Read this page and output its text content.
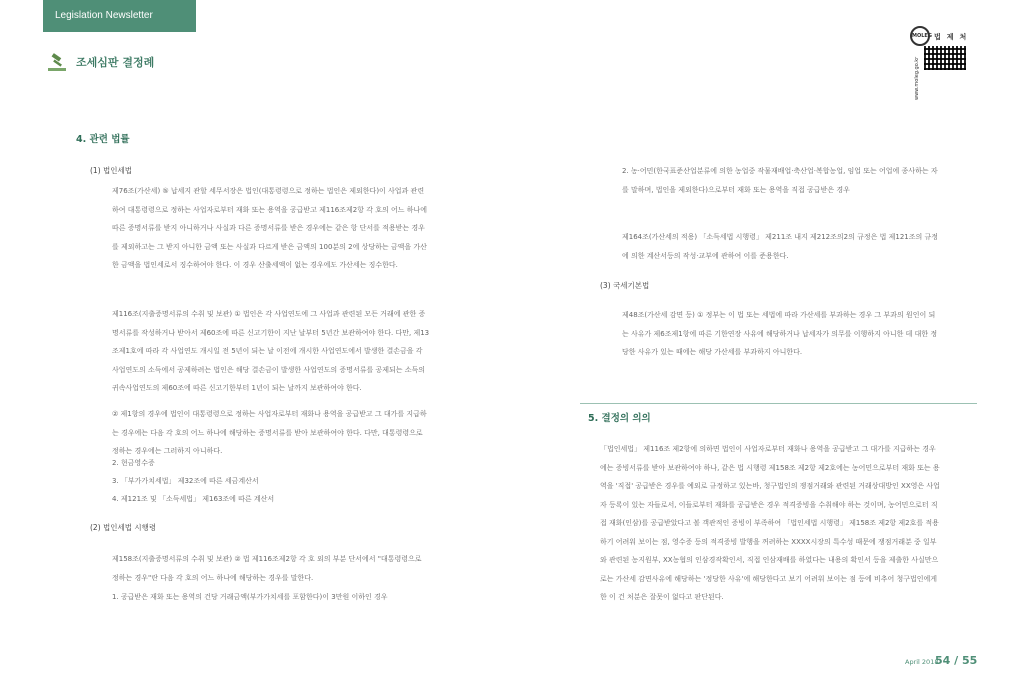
Legislation Newsletter
조세심판 결정례
MOLEG 법제처
www.moleg.go.kr
4. 관련 법률
(1) 법인세법
제76조(가산세) ⑤ 납세지 관할 세무서장은 법인(대통령령으로 정하는 법인은 제외한다)이 사업과 관련하여 대통령령으로 정하는 사업자로부터 재화 또는 용역을 공급받고 제116조제2항 각 호의 어느 하나에 따른 증명서류를 받지 아니하거나 사실과 다른 증명서류를 받은 경우에는 같은 항 단서를 적용받는 경우를 제외하고는 그 받지 아니한 금액 또는 사실과 다르게 받은 금액의 100분의 2에 상당하는 금액을 가산한 금액을 법인세로서 징수하여야 한다. 이 경우 산출세액이 없는 경우에도 가산세는 징수한다.
제116조(지출증명서류의 수취 및 보관) ① 법인은 각 사업연도에 그 사업과 관련된 모든 거래에 관한 증명서류를 작성하거나 받아서 제60조에 따른 신고기한이 지난 날부터 5년간 보관하여야 한다. 다만, 제13조제1호에 따라 각 사업연도 개시일 전 5년이 되는 날 이전에 개시한 사업연도에서 발생한 결손금을 각 사업연도의 소득에서 공제하려는 법인은 해당 결손금이 발생한 사업연도의 증명서류를 공제되는 소득의 귀속사업연도의 제60조에 따른 신고기한부터 1년이 되는 날까지 보관하여야 한다.
② 제1항의 경우에 법인이 대통령령으로 정하는 사업자로부터 재화나 용역을 공급받고 그 대가를 지급하는 경우에는 다음 각 호의 어느 하나에 해당하는 증명서류를 받아 보관하여야 한다. 다만, 대통령령으로 정하는 경우에는 그러하지 아니하다.
2. 현금영수증
3. 「부가가치세법」 제32조에 따른 세금계산서
4. 제121조 및 「소득세법」 제163조에 따른 계산서
(2) 법인세법 시행령
제158조(지출증명서류의 수취 및 보관) ② 법 제116조제2항 각 호 외의 부분 단서에서 "대통령령으로 정하는 경우"란 다음 각 호의 어느 하나에 해당하는 경우를 말한다.
1. 공급받은 재화 또는 용역의 건당 거래금액(부가가치세를 포함한다)이 3만원 이하인 경우
2. 농·어민(한국표준산업분류에 의한 농업중 작물재배업·축산업·복합농업, 임업 또는 어업에 종사하는 자를 말하며, 법인을 제외한다)으로부터 재화 또는 용역을 직접 공급받은 경우
제164조(가산세의 적용) 「소득세법 시행령」 제211조 내지 제212조의2의 규정은 법 제121조의 규정에 의한 계산서등의 작성·교부에 관하여 이를 준용한다.
(3) 국세기본법
제48조(가산세 감면 등) ① 정부는 이 법 또는 세법에 따라 가산세를 부과하는 경우 그 부과의 원인이 되는 사유가 제6조제1항에 따른 기한연장 사유에 해당하거나 납세자가 의무를 이행하지 아니한 데 대한 정당한 사유가 있는 때에는 해당 가산세를 부과하지 아니한다.
5. 결정의 의의
「법인세법」 제116조 제2항에 의하면 법인이 사업자로부터 재화나 용역을 공급받고 그 대가를 지급하는 경우에는 증빙서류를 받아 보관하여야 하나, 같은 법 시행령 제158조 제2항 제2호에는 농어민으로부터 재화 또는 용역을 '직접' 공급받은 경우를 예외로 규정하고 있는바, 청구법인의 쟁점거래와 관련된 거래상대방인 XX영은 사업자 등록이 있는 자들로서, 이들로부터 재화를 공급받은 경우 적격증빙을 수취해야 하는 것이며, 농어민으로터 직접 재화(인삼)를 공급받았다고 볼 객관적인 증빙이 부족하여 「법인세법 시행령」 제158조 제2항 제2호를 적용하기 어려워 보이는 점, 영수증 등의 적격증빙 발행을 꺼려하는 XXXX시장의 특수성 때문에 쟁점거래분 중 일부와 관련된 농지원부, XX농협의 인삼경작확인서, 직접 인삼재배를 하였다는 내용의 확인서 등을 제출한 사실만으로는 가산세 감면사유에 해당하는 '정당한 사유'에 해당한다고 보기 어려워 보이는 점 등에 비추어 청구법인에게 한 이 건 처분은 잘못이 없다고 판단된다.
April 2018
54 / 55
